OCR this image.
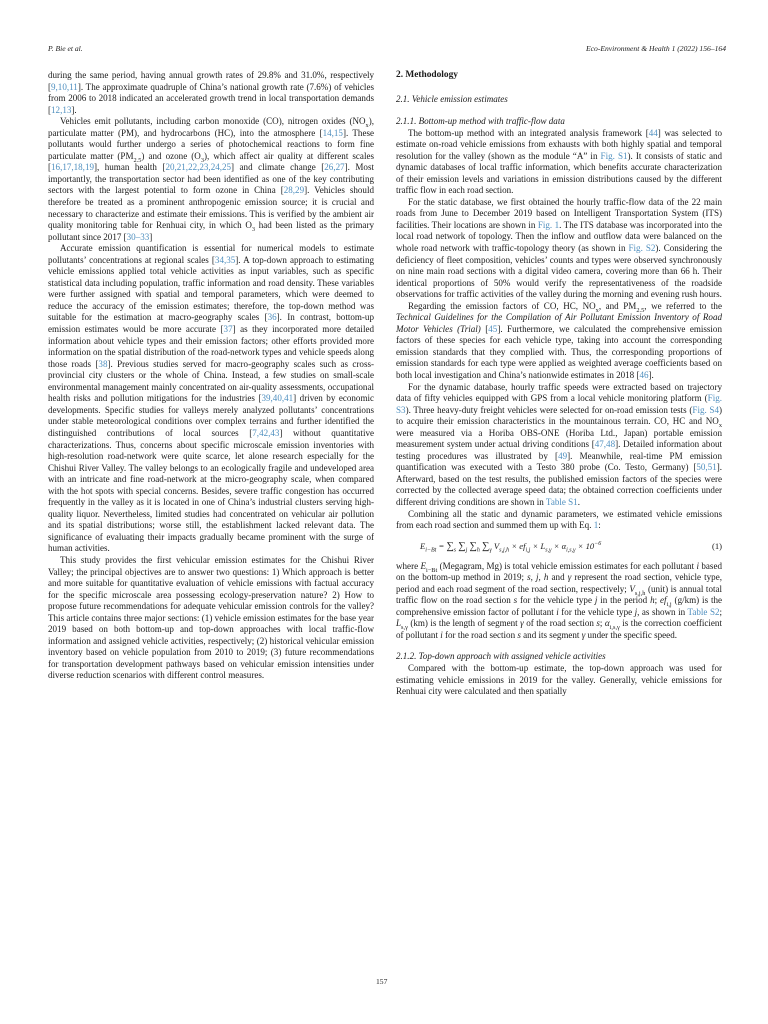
P. Bie et al.	Eco-Environment & Health 1 (2022) 156–164

during the same period, having annual growth rates of 29.8% and 31.0%, respectively [9,10,11]. The approximate quadruple of China’s national growth rate (7.6%) of vehicles from 2006 to 2018 indicated an accelerated growth trend in local transportation demands [12,13].

Vehicles emit pollutants, including carbon monoxide (CO), nitrogen oxides $(NO_x)$, particulate matter (PM), and hydrocarbons (HC), into the atmosphere [14,15]. These pollutants would further undergo a series of photochemical reactions to form fine particulate matter $(PM_{2.5})$ and ozone $(O_3)$, which affect air quality at different scales [16,17,18,19], human health [20,21,22,23,24,25] and climate change [26,27]. Most importantly, the transportation sector had been identified as one of the key contributing sectors with the largest potential to form ozone in China [28,29]. Vehicles should therefore be treated as a prominent anthropogenic emission source; it is crucial and necessary to characterize and estimate their emissions. This is verified by the ambient air quality monitoring table for Renhuai city, in which $O_3$ had been listed as the primary pollutant since 2017 [30–33]

Accurate emission quantification is essential for numerical models to estimate pollutants’ concentrations at regional scales [34,35]. A top-down approach to estimating vehicle emissions applied total vehicle activities as input variables, such as specific statistical data including population, traffic information and road density. These variables were further assigned with spatial and temporal parameters, which were deemed to reduce the accuracy of the emission estimates; therefore, the top-down method was suitable for the estimation at macro-geography scales [36]. In contrast, bottom-up emission estimates would be more accurate [37] as they incorporated more detailed information about vehicle types and their emission factors; other efforts provided more information on the spatial distribution of the road-network types and vehicle speeds along those roads [38]. Previous studies served for macro-geography scales such as cross-provincial city clusters or the whole of China. Instead, a few studies on small-scale environmental management mainly concentrated on air-quality assessments, occupational health risks and pollution mitigations for the industries [39,40,41] driven by economic developments. Specific studies for valleys merely analyzed pollutants’ concentrations under stable meteorological conditions over complex terrains and further identified the distinguished contributions of local sources [7,42,43] without quantitative characterizations. Thus, concerns about specific microscale emission inventories with high-resolution road-network were quite scarce, let alone research especially for the Chishui River Valley. The valley belongs to an ecologically fragile and undeveloped area with an intricate and fine road-network at the micro-geography scale, when compared with the hot spots with special concerns. Besides, severe traffic congestion has occurred frequently in the valley as it is located in one of China’s industrial clusters serving high-quality liquor. Nevertheless, limited studies had concentrated on vehicular air pollution and its spatial distributions; worse still, the establishment lacked relevant data. The significance of evaluating their impacts gradually became prominent with the surge of human activities.

This study provides the first vehicular emission estimates for the Chishui River Valley; the principal objectives are to answer two questions: 1) Which approach is better and more suitable for quantitative evaluation of vehicle emissions with factual accuracy for the specific microscale area possessing ecology-preservation nature? 2) How to propose future recommendations for adequate vehicular emission controls for the valley? This article contains three major sections: (1) vehicle emission estimates for the base year 2019 based on both bottom-up and top-down approaches with local traffic-flow information and assigned vehicle activities, respectively; (2) historical vehicular emission inventory based on vehicle population from 2010 to 2019; (3) future recommendations for transportation development pathways based on vehicular emission intensities under diverse reduction scenarios with different control measures.

2. Methodology
2.1. Vehicle emission estimates
2.1.1. Bottom-up method with traffic-flow data

The bottom-up method with an integrated analysis framework [44] was selected to estimate on-road vehicle emissions from exhausts with both highly spatial and temporal resolution for the valley (shown as the module “A” in Fig. S1). It consists of static and dynamic databases of local traffic information, which benefits accurate characterization of their emission levels and variations in emission distributions caused by the different traffic flow in each road section.

For the static database, we first obtained the hourly traffic-flow data of the 22 main roads from June to December 2019 based on Intelligent Transportation System (ITS) facilities. Their locations are shown in Fig. 1. The ITS database was incorporated into the local road network of topology. Then the inflow and outflow data were balanced on the whole road network with traffic-topology theory (as shown in Fig. S2). Considering the deficiency of fleet composition, vehicles’ counts and types were observed synchronously on nine main road sections with a digital video camera, covering more than 66 h. Their identical proportions of 50% would verify the representativeness of the roadside observations for traffic activities of the valley during the morning and evening rush hours.

Regarding the emission factors of CO, HC, $NO_x$, and $PM_{2.5}$, we referred to the Technical Guidelines for the Compilation of Air Pollutant Emission Inventory of Road Motor Vehicles (Trial) [45]. Furthermore, we calculated the comprehensive emission factors of these species for each vehicle type, taking into account the corresponding emission standards that they complied with. Thus, the corresponding proportions of emission standards for each type were applied as weighted average coefficients based on both local investigation and China’s nationwide estimates in 2018 [46].

For the dynamic database, hourly traffic speeds were extracted based on trajectory data of fifty vehicles equipped with GPS from a local vehicle monitoring platform (Fig. S3). Three heavy-duty freight vehicles were selected for on-road emission tests (Fig. S4) to acquire their emission characteristics in the mountainous terrain. CO, HC and $NO_x$ were measured via a Horiba OBS-ONE (Horiba Ltd., Japan) portable emission measurement system under actual driving conditions [47,48]. Detailed information about testing procedures was illustrated by [49]. Meanwhile, real-time PM emission quantification was executed with a Testo 380 probe (Co. Testo, Germany) [50,51]. Afterward, based on the test results, the published emission factors of the species were corrected by the collected average speed data; the obtained correction coefficients under different driving conditions are shown in Table S1.

Combining all the static and dynamic parameters, we estimated vehicle emissions from each road section and summed them up with Eq. 1:

$E_{i-Bt} = \sum_s$ $\sum_j$ $\sum_h$ $\sum_\gamma$ $V_{s,j,h} \times ef_{i,j} \times L_{s,\gamma} \times \alpha_{i,s,\gamma} \times 10^{-6}$	(1)

where $E_{i-Bt}$ (Megagram, Mg) is total vehicle emission estimates for each pollutant i based on the bottom-up method in 2019; s, j, h and γ represent the road section, vehicle type, period and each road segment of the road section, respectively; $V_{s,j,h}$ (unit) is annual total traffic flow on the road section s for the vehicle type j in the period h; $ef_{i,j}$ (g/km) is the comprehensive emission factor of pollutant i for the vehicle type j, as shown in Table S2; $L_{s,\gamma}$ (km) is the length of segment γ of the road section s; $\alpha_{i,s,\gamma}$ is the correction coefficient of pollutant i for the road section s and its segment γ under the specific speed.

2.1.2. Top-down approach with assigned vehicle activities

Compared with the bottom-up estimate, the top-down approach was used for estimating vehicle emissions in 2019 for the valley. Generally, vehicle emissions for Renhuai city were calculated and then spatially

157
